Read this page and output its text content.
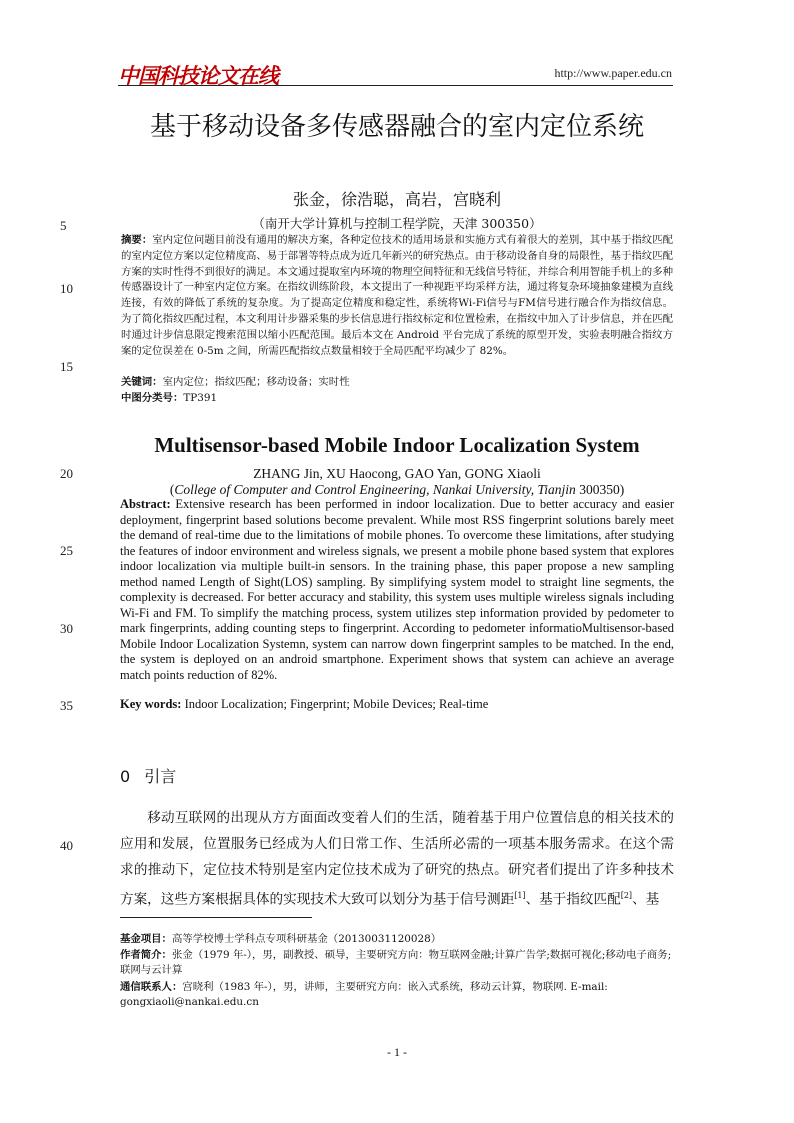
中国科技论文在线	http://www.paper.edu.cn
基于移动设备多传感器融合的室内定位系统
张金，徐浩聪，高岩，宫晓利
（南开大学计算机与控制工程学院，天津 300350）
5
10
15
20
25
30
35
40
摘要：室内定位问题目前没有通用的解决方案，各种定位技术的适用场景和实施方式有着很大的差别，其中基于指纹匹配的室内定位方案以定位精度高、易于部署等特点成为近几年新兴的研究热点。由于移动设备自身的局限性，基于指纹匹配方案的实时性得不到很好的满足。本文通过提取室内环境的物理空间特征和无线信号特征，并综合利用智能手机上的多种传感器设计了一种室内定位方案。在指纹训练阶段，本文提出了一种视距平均采样方法，通过将复杂环境抽象建模为直线连接，有效的降低了系统的复杂度。为了提高定位精度和稳定性，系统将Wi-Fi信号与FM信号进行融合作为指纹信息。为了简化指纹匹配过程，本文利用计步器采集的步长信息进行指纹标定和位置检索，在指纹中加入了计步信息，并在匹配时通过计步信息限定搜索范围以缩小匹配范围。最后本文在 Android 平台完成了系统的原型开发，实验表明融合指纹方案的定位误差在 0-5m 之间，所需匹配指纹点数量相较于全局匹配平均减少了 82%。
关键词：室内定位；指纹匹配；移动设备；实时性
中图分类号：TP391
Multisensor-based Mobile Indoor Localization System
ZHANG Jin, XU Haocong, GAO Yan, GONG Xiaoli
(College of Computer and Control Engineering, Nankai University, Tianjin 300350)
Abstract: Extensive research has been performed in indoor localization. Due to better accuracy and easier deployment, fingerprint based solutions become prevalent. While most RSS fingerprint solutions barely meet the demand of real-time due to the limitations of mobile phones. To overcome these limitations, after studying the features of indoor environment and wireless signals, we present a mobile phone based system that explores indoor localization via multiple built-in sensors. In the training phase, this paper propose a new sampling method named Length of Sight(LOS) sampling. By simplifying system model to straight line segments, the complexity is decreased. For better accuracy and stability, this system uses multiple wireless signals including Wi-Fi and FM. To simplify the matching process, system utilizes step information provided by pedometer to mark fingerprints, adding counting steps to fingerprint. According to pedometer informatioMultisensor-based Mobile Indoor Localization Systemn, system can narrow down fingerprint samples to be matched. In the end, the system is deployed on an android smartphone. Experiment shows that system can achieve an average match points reduction of 82%.
Key words: Indoor Localization; Fingerprint; Mobile Devices; Real-time
0 引言
移动互联网的出现从方方面面改变着人们的生活，随着基于用户位置信息的相关技术的应用和发展，位置服务已经成为人们日常工作、生活所必需的一项基本服务需求。在这个需求的推动下，定位技术特别是室内定位技术成为了研究的热点。研究者们提出了许多种技术方案，这些方案根据具体的实现技术大致可以划分为基于信号测距[1]、基于指纹匹配[2]、基
基金项目：高等学校博士学科点专项科研基金（20130031120028）
作者简介：张金（1979 年-），男，副教授、硕导，主要研究方向：物互联网金融;计算广告学;数据可视化;移动电子商务;联网与云计算
通信联系人：宫晓利（1983 年-），男，讲师，主要研究方向：嵌入式系统，移动云计算，物联网. E-mail: gongxiaoli@nankai.edu.cn
- 1 -
